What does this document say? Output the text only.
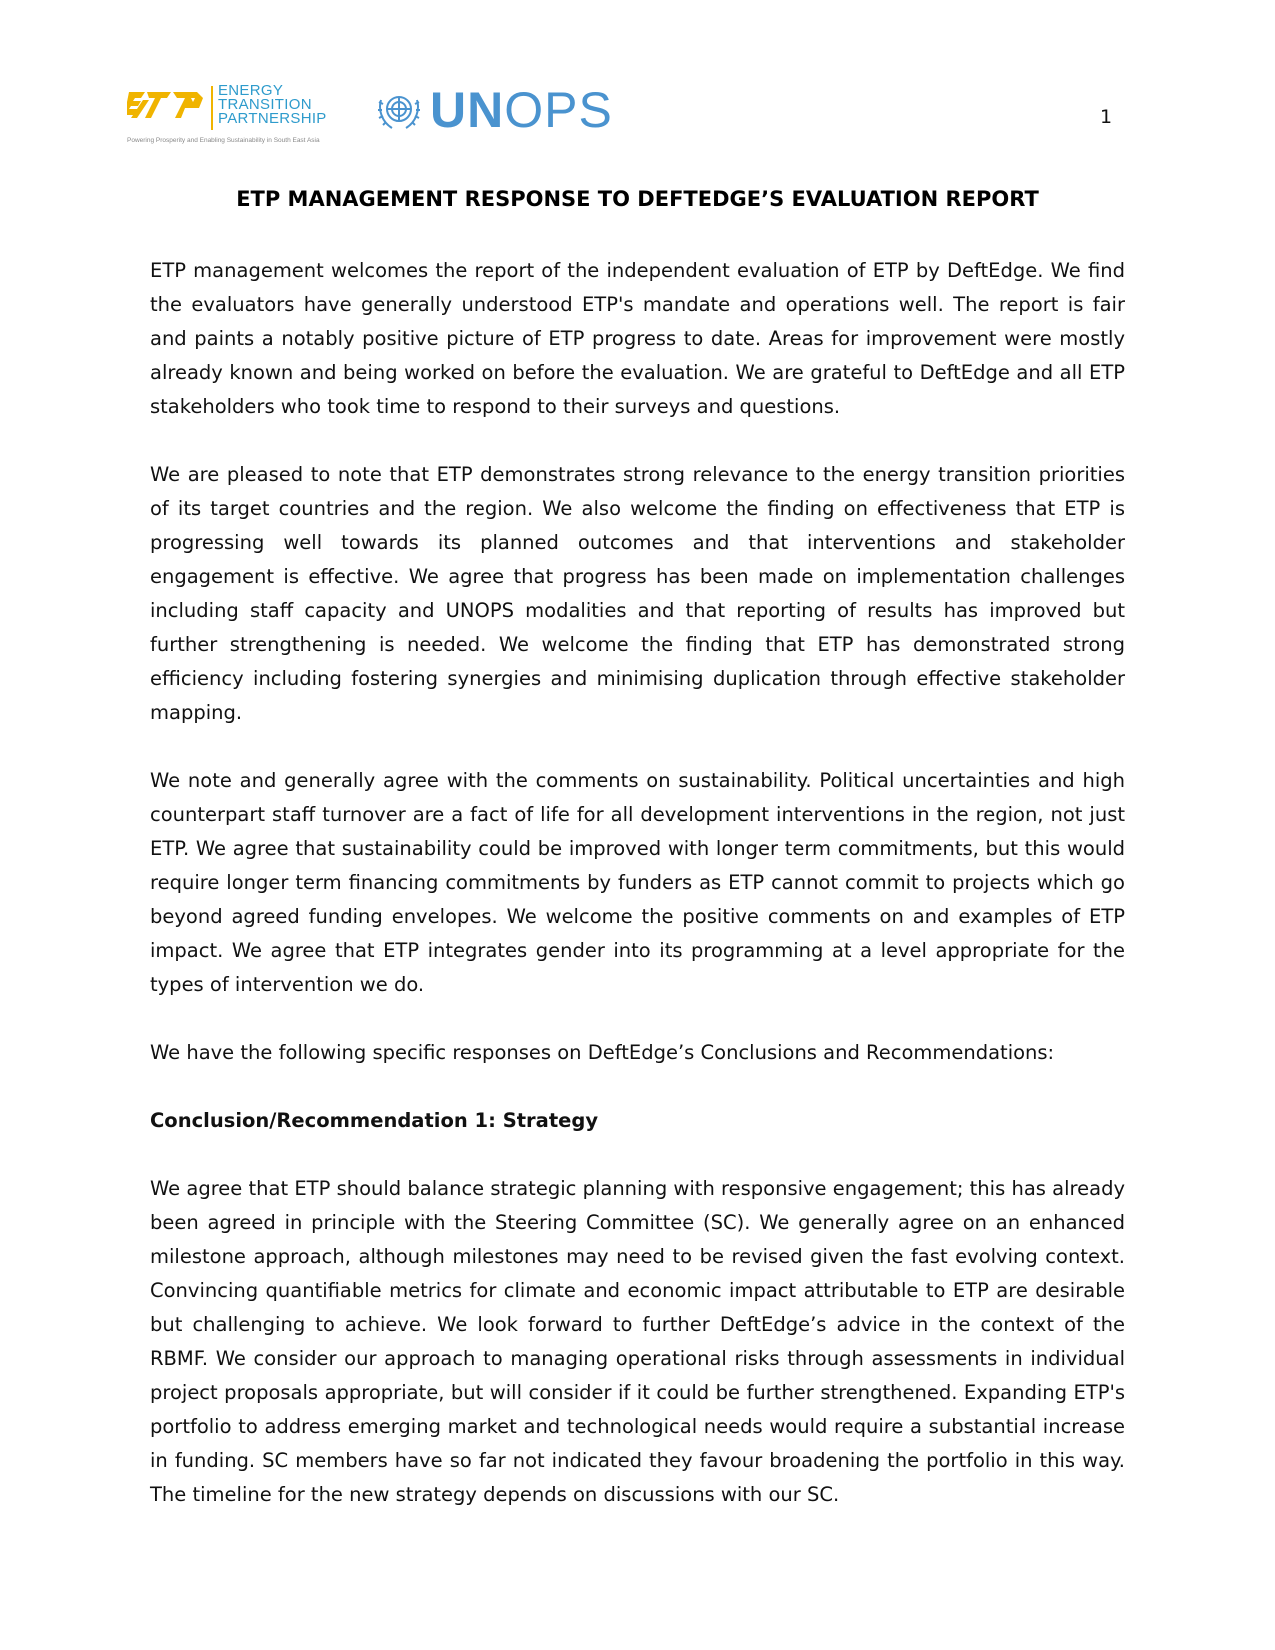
ENERGY
TRANSITION
PARTNERSHIP
Powering Prosperity and Enabling Sustainability in South East Asia
UNOPS	1
ETP MANAGEMENT RESPONSE TO DEFTEDGE’S EVALUATION REPORT

ETP management welcomes the report of the independent evaluation of ETP by DeftEdge. We find the evaluators have generally understood ETP's mandate and operations well. The report is fair and paints a notably positive picture of ETP progress to date. Areas for improvement were mostly already known and being worked on before the evaluation. We are grateful to DeftEdge and all ETP stakeholders who took time to respond to their surveys and questions.

We are pleased to note that ETP demonstrates strong relevance to the energy transition priorities of its target countries and the region. We also welcome the finding on effectiveness that ETP is progressing well towards its planned outcomes and that interventions and stakeholder engagement is effective. We agree that progress has been made on implementation challenges including staff capacity and UNOPS modalities and that reporting of results has improved but further strengthening is needed. We welcome the finding that ETP has demonstrated strong efficiency including fostering synergies and minimising duplication through effective stakeholder mapping.

We note and generally agree with the comments on sustainability. Political uncertainties and high counterpart staff turnover are a fact of life for all development interventions in the region, not just ETP. We agree that sustainability could be improved with longer term commitments, but this would require longer term financing commitments by funders as ETP cannot commit to projects which go beyond agreed funding envelopes. We welcome the positive comments on and examples of ETP impact. We agree that ETP integrates gender into its programming at a level appropriate for the types of intervention we do.

We have the following specific responses on DeftEdge’s Conclusions and Recommendations:

Conclusion/Recommendation 1: Strategy

We agree that ETP should balance strategic planning with responsive engagement; this has already been agreed in principle with the Steering Committee (SC). We generally agree on an enhanced milestone approach, although milestones may need to be revised given the fast evolving context. Convincing quantifiable metrics for climate and economic impact attributable to ETP are desirable but challenging to achieve. We look forward to further DeftEdge’s advice in the context of the RBMF. We consider our approach to managing operational risks through assessments in individual project proposals appropriate, but will consider if it could be further strengthened. Expanding ETP's portfolio to address emerging market and technological needs would require a substantial increase in funding. SC members have so far not indicated they favour broadening the portfolio in this way. The timeline for the new strategy depends on discussions with our SC.
